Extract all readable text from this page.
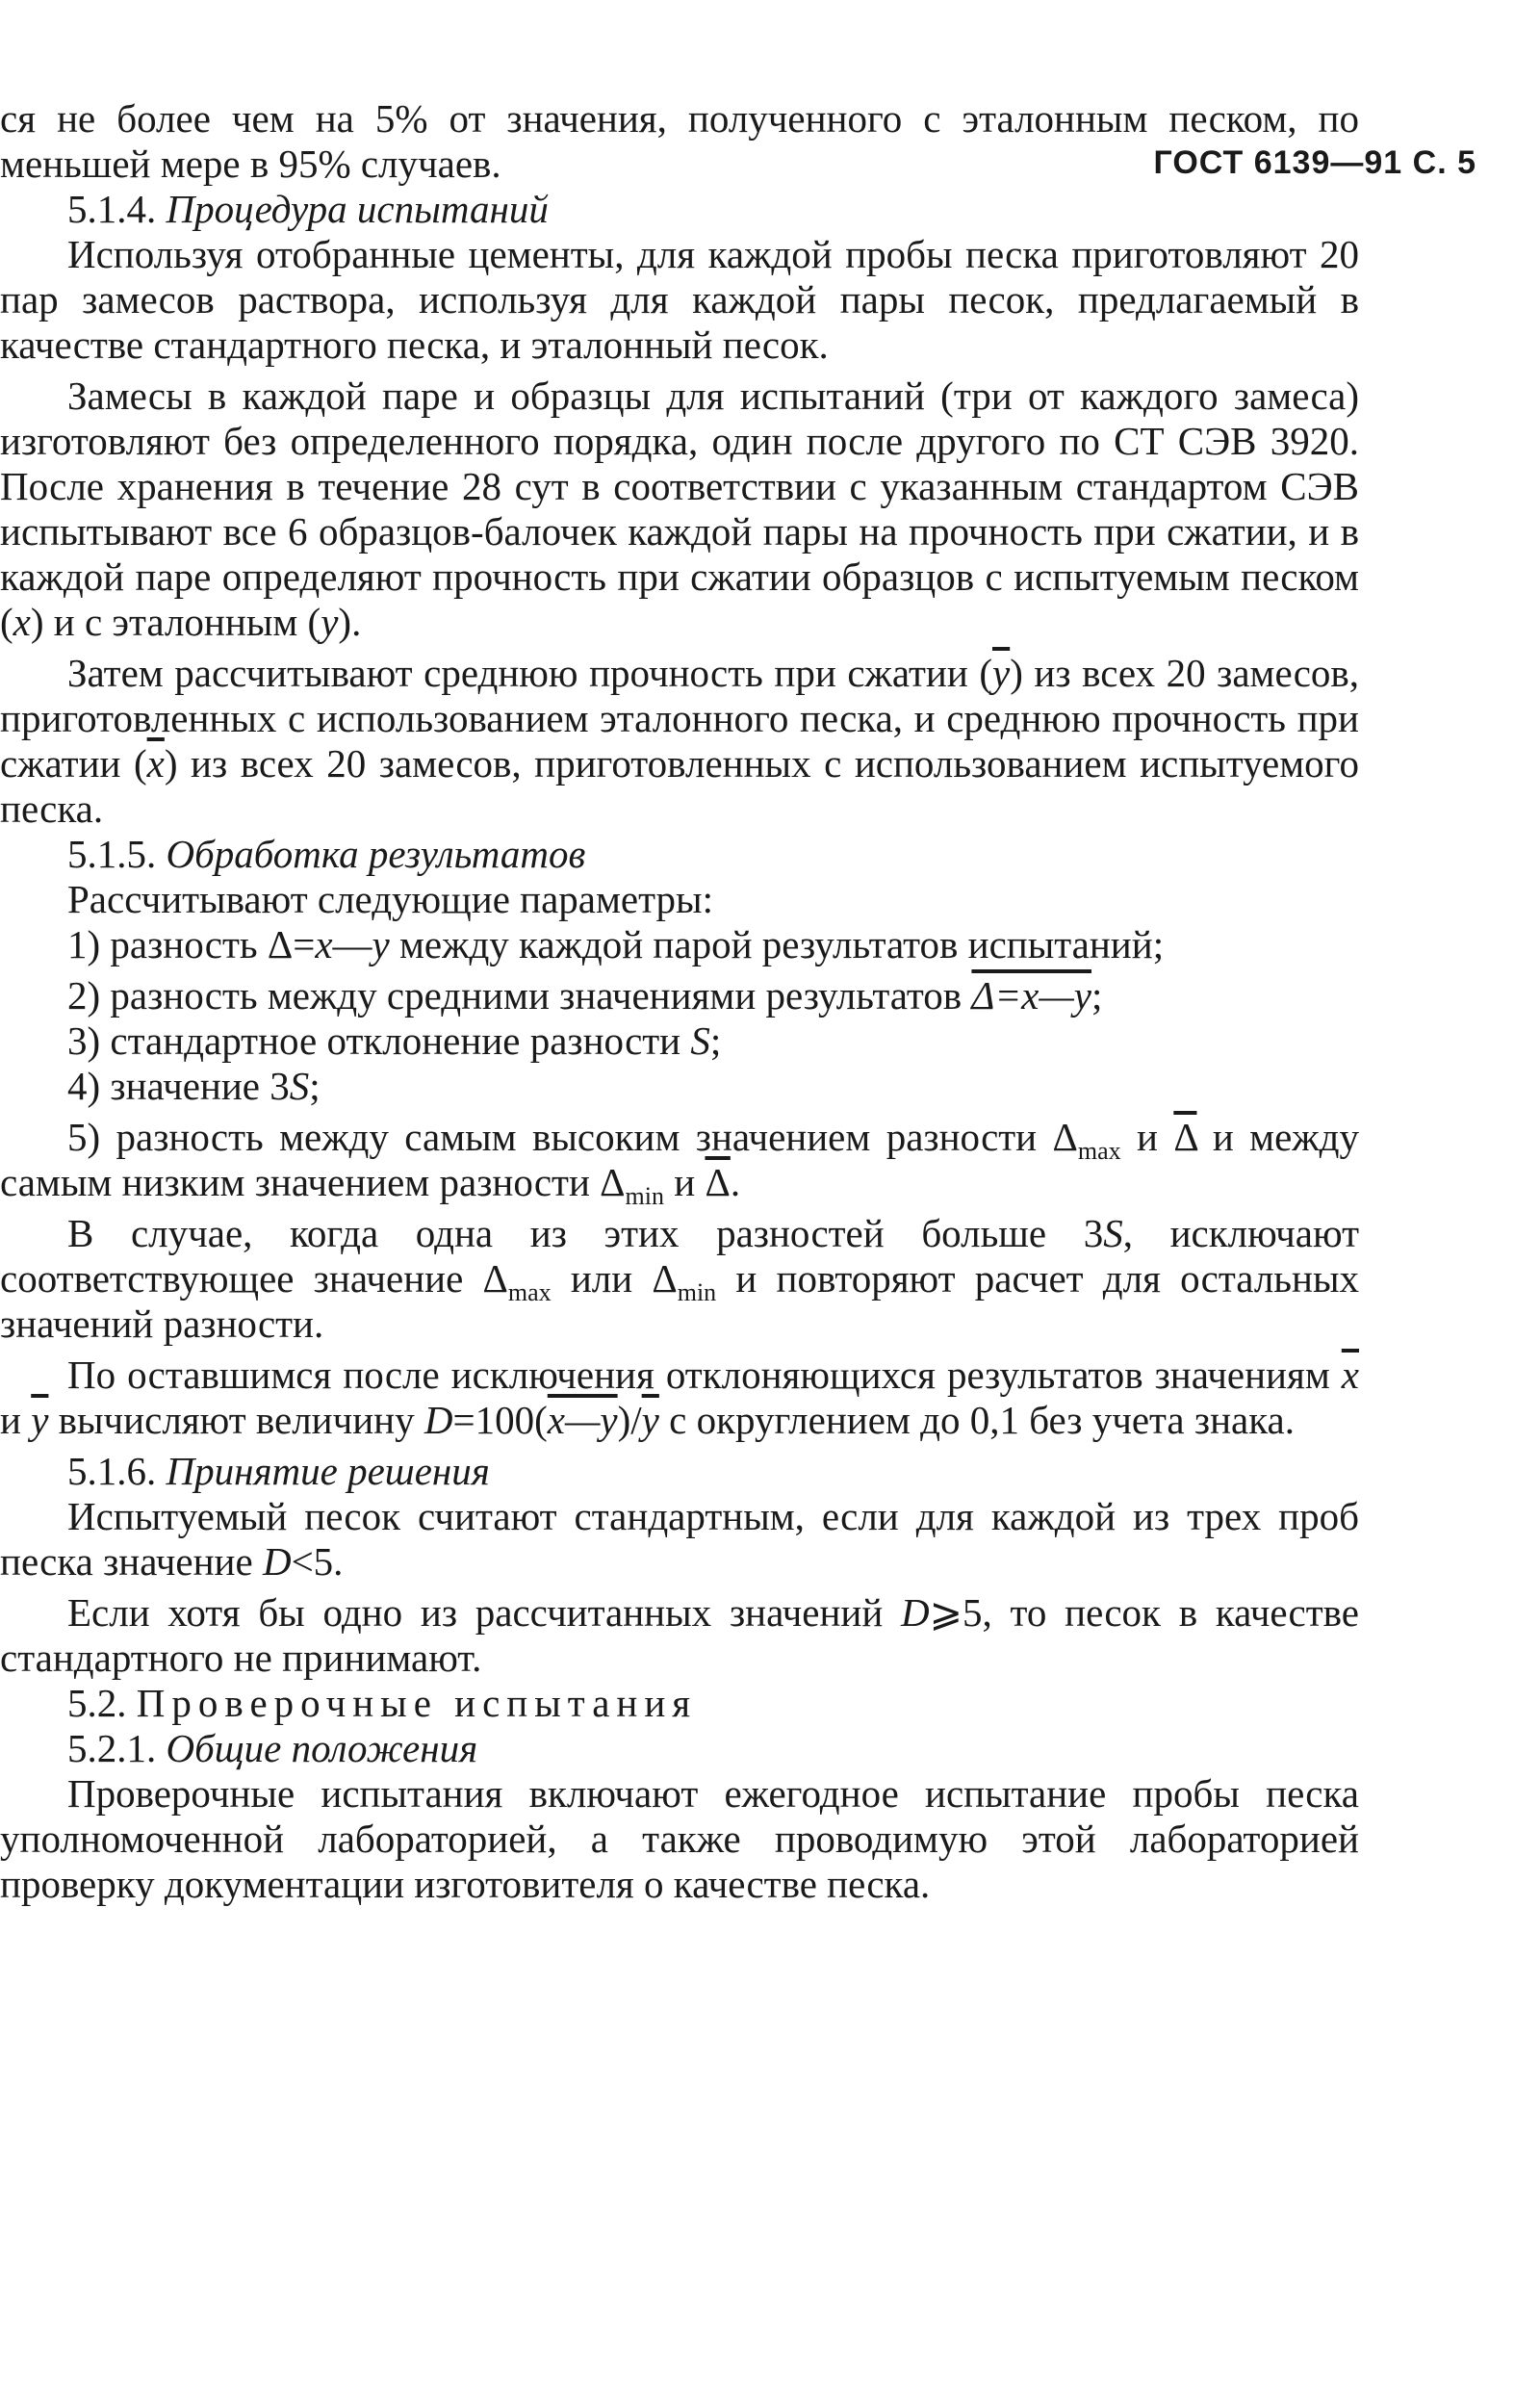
ГОСТ 6139—91 С. 5

ся не более чем на 5% от значения, полученного с эталонным песком, по меньшей мере в 95% случаев.

5.1.4. Процедура испытаний

Используя отобранные цементы, для каждой пробы песка приготовляют 20 пар замесов раствора, используя для каждой пары песок, предлагаемый в качестве стандартного песка, и эталонный песок.

Замесы в каждой паре и образцы для испытаний (три от каждого замеса) изготовляют без определенного порядка, один после другого по СТ СЭВ 3920. После хранения в течение 28 сут в соответствии с указанным стандартом СЭВ испытывают все 6 образцов-балочек каждой пары на прочность при сжатии, и в каждой паре определяют прочность при сжатии образцов с испытуемым песком (x) и с эталонным (y).

Затем рассчитывают среднюю прочность при сжатии $(\overline{y})$ из всех 20 замесов, приготовленных с использованием эталонного песка, и среднюю прочность при сжатии $(\overline{x})$ из всех 20 замесов, приготовленных с использованием испытуемого песка.

5.1.5. Обработка результатов

Рассчитывают следующие параметры:

1) разность Δ=x—y между каждой парой результатов испытаний;

2) разность между средними значениями результатов Δ=x—y;

3) стандартное отклонение разности S;

4) значение 3S;

5) разность между самым высоким значением разности $\Delta_{max}$ и $\overline{\Delta}$ и между самым низким значением разности $\Delta_{min}$ и $\overline{\Delta}$.

В случае, когда одна из этих разностей больше 3S, исключают соответствующее значение $\Delta_{max}$ или $\Delta_{min}$ и повторяют расчет для остальных значений разности.

По оставшимся после исключения отклоняющихся результатов значениям $\overline{x}$ и $\overline{y}$ вычисляют величину $D=100(x—y)/\overline{y}$ с округлением до 0,1 без учета знака.

5.1.6. Принятие решения

Испытуемый песок считают стандартным, если для каждой из трех проб песка значение D<5.

Если хотя бы одно из рассчитанных значений D⩾5, то песок в качестве стандартного не принимают.

5.2. Проверочные испытания

5.2.1. Общие положения

Проверочные испытания включают ежегодное испытание пробы песка уполномоченной лабораторией, а также проводимую этой лабораторией проверку документации изготовителя о качестве песка.
